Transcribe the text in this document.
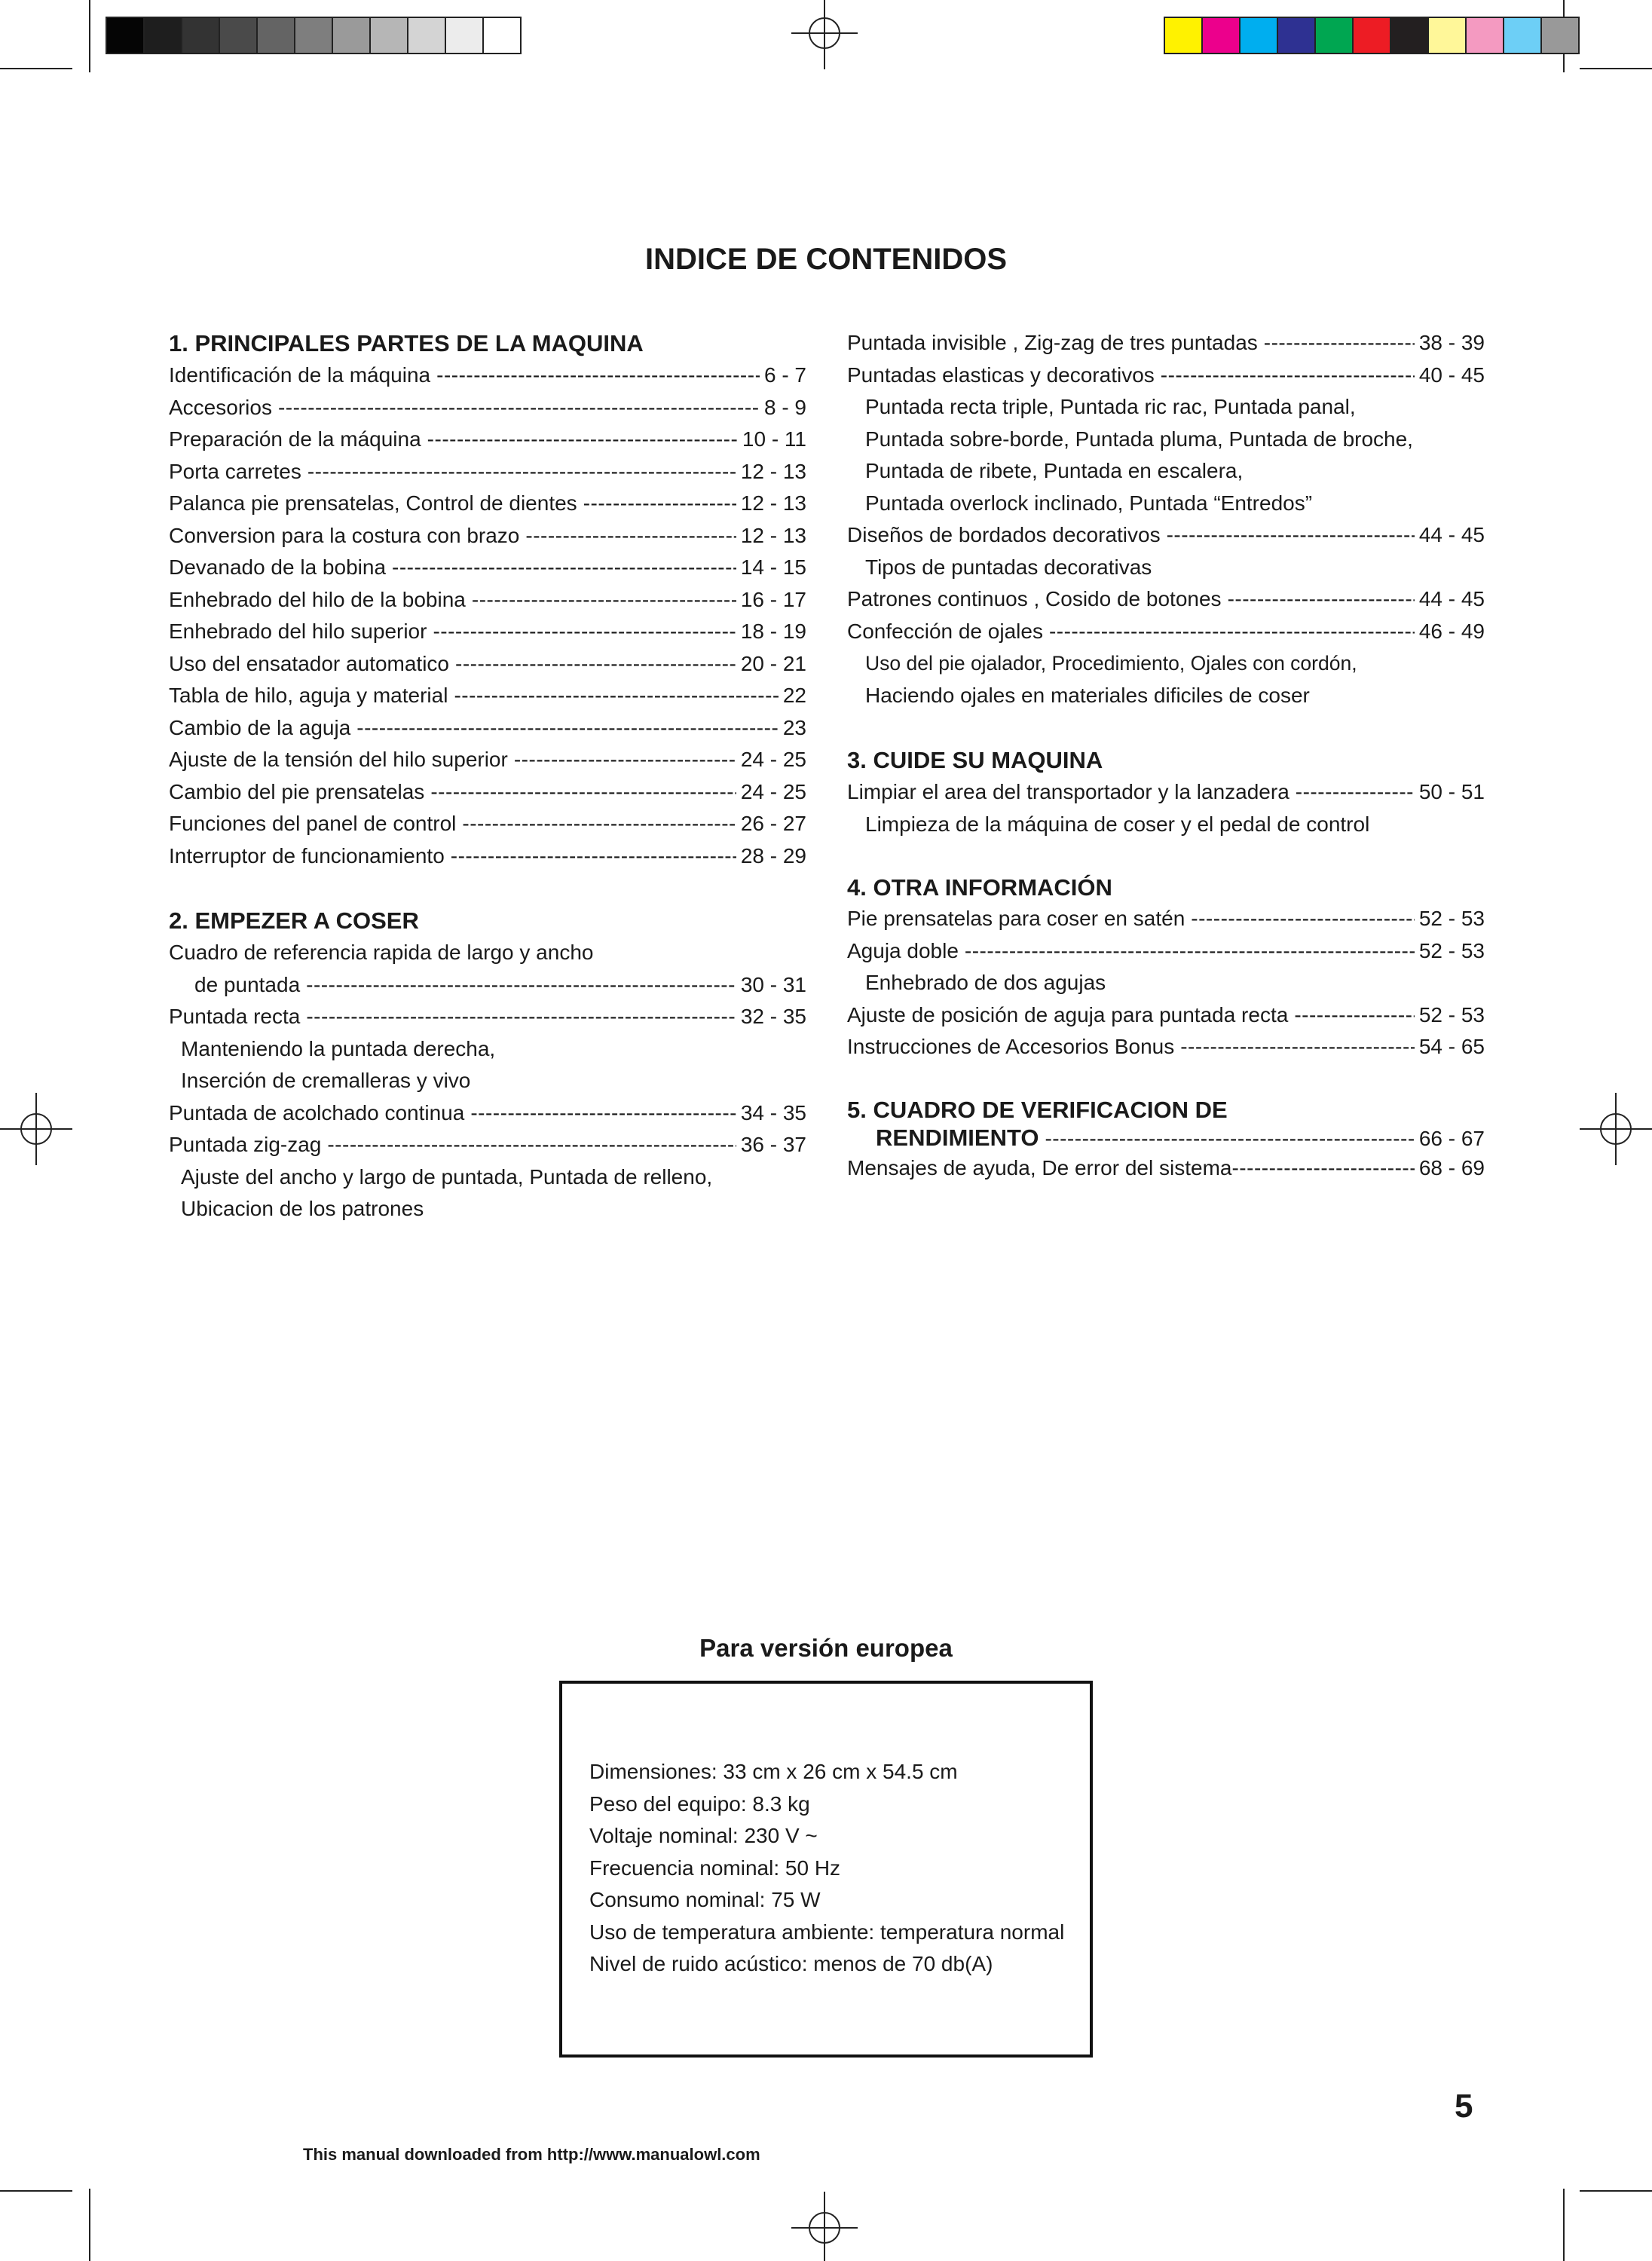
INDICE DE CONTENIDOS
1. PRINCIPALES PARTES DE LA MAQUINA
Identificación de la máquina -----	6 - 7
Accesorios -----	8 - 9
Preparación de la máquina -----	10 - 11
Porta carretes -----	12 - 13
Palanca pie prensatelas, Control de dientes -----	12 - 13
Conversion para la costura con brazo -----	12 - 13
Devanado de la bobina -----	14 - 15
Enhebrado del hilo de la bobina -----	16 - 17
Enhebrado del hilo superior -----	18 - 19
Uso del ensatador automatico -----	20 - 21
Tabla de hilo, aguja y material -----	22
Cambio de la aguja -----	23
Ajuste de la tensión del hilo superior -----	24 - 25
Cambio del pie prensatelas -----	24 - 25
Funciones del panel de control -----	26 - 27
Interruptor de funcionamiento -----	28 - 29
2. EMPEZER A COSER
Cuadro de referencia rapida de largo y ancho
de puntada -----	30 - 31
Puntada recta -----	32 - 35
Manteniendo la puntada derecha,
Inserción de cremalleras y vivo
Puntada de acolchado continua -----	34 - 35
Puntada zig-zag -----	36 - 37
Ajuste del ancho y largo de puntada, Puntada de relleno,
Ubicacion de los patrones
Puntada invisible , Zig-zag de tres puntadas -----	38 - 39
Puntadas elasticas y decorativos -----	40 - 45
Puntada recta triple, Puntada ric rac, Puntada panal,
Puntada sobre-borde, Puntada pluma, Puntada de broche,
Puntada de ribete, Puntada en escalera,
Puntada overlock inclinado, Puntada “Entredos”
Diseños de bordados decorativos -----	44 - 45
Tipos de puntadas decorativas
Patrones continuos , Cosido de botones -----	44 - 45
Confección de ojales -----	46 - 49
Uso del pie ojalador, Procedimiento, Ojales con cordón,
Haciendo ojales en materiales dificiles de coser
3. CUIDE SU MAQUINA
Limpiar el area del transportador y la lanzadera -----	50 - 51
Limpieza de la máquina de coser y el pedal de control
4. OTRA INFORMACIÓN
Pie prensatelas para coser en satén -----	52 - 53
Aguja doble -----	52 - 53
Enhebrado de dos agujas
Ajuste de posición de aguja para puntada recta -----	52 - 53
Instrucciones de Accesorios Bonus -----	54 - 65
5. CUADRO DE VERIFICACION DE
RENDIMIENTO -----	66 - 67
Mensajes de ayuda, De error del sistema -----	68 - 69
Para versión europea
Dimensiones: 33 cm x 26 cm x 54.5 cm
Peso del equipo: 8.3 kg
Voltaje nominal: 230 V ~
Frecuencia nominal: 50 Hz
Consumo nominal: 75 W
Uso de temperatura ambiente: temperatura normal
Nivel de ruido acústico: menos de 70 db(A)
5
This manual downloaded from http://www.manualowl.com
